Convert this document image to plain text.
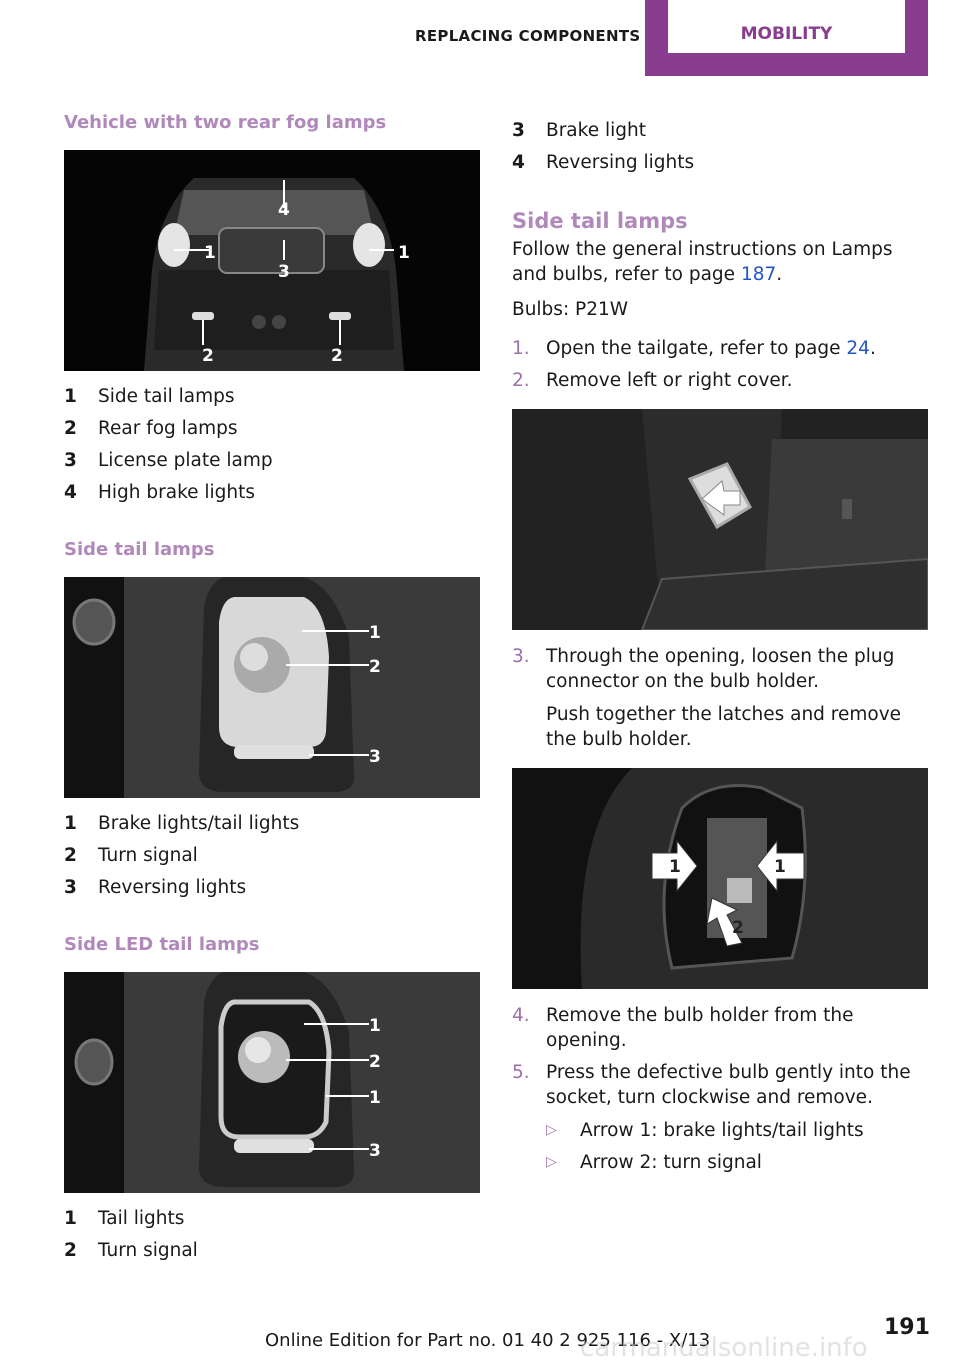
REPLACING COMPONENTS	MOBILITY
Vehicle with two rear fog lamps
4
1	1
3
2	2
1	Side tail lamps
2	Rear fog lamps
3	License plate lamp
4	High brake lights
Side tail lamps
1
2
3
1	Brake lights/tail lights
2	Turn signal
3	Reversing lights
Side LED tail lamps
1
2
1
3
1	Tail lights
2	Turn signal
3	Brake light
4	Reversing lights
Side tail lamps

Follow the general instructions on Lamps and bulbs, refer to page 187.

Bulbs: P21W

1. Open the tailgate, refer to page 24.
2. Remove left or right cover.
3. Through the opening, loosen the plug connector on the bulb holder.
Push together the latches and remove the bulb holder.
1	1
2
4. Remove the bulb holder from the opening.
5. Press the defective bulb gently into the socket, turn clockwise and remove.
▷	Arrow 1: brake lights/tail lights
▷	Arrow 2: turn signal
191
Online Edition for Part no. 01 40 2 925 116 - X/13
carmanualsonline.info
